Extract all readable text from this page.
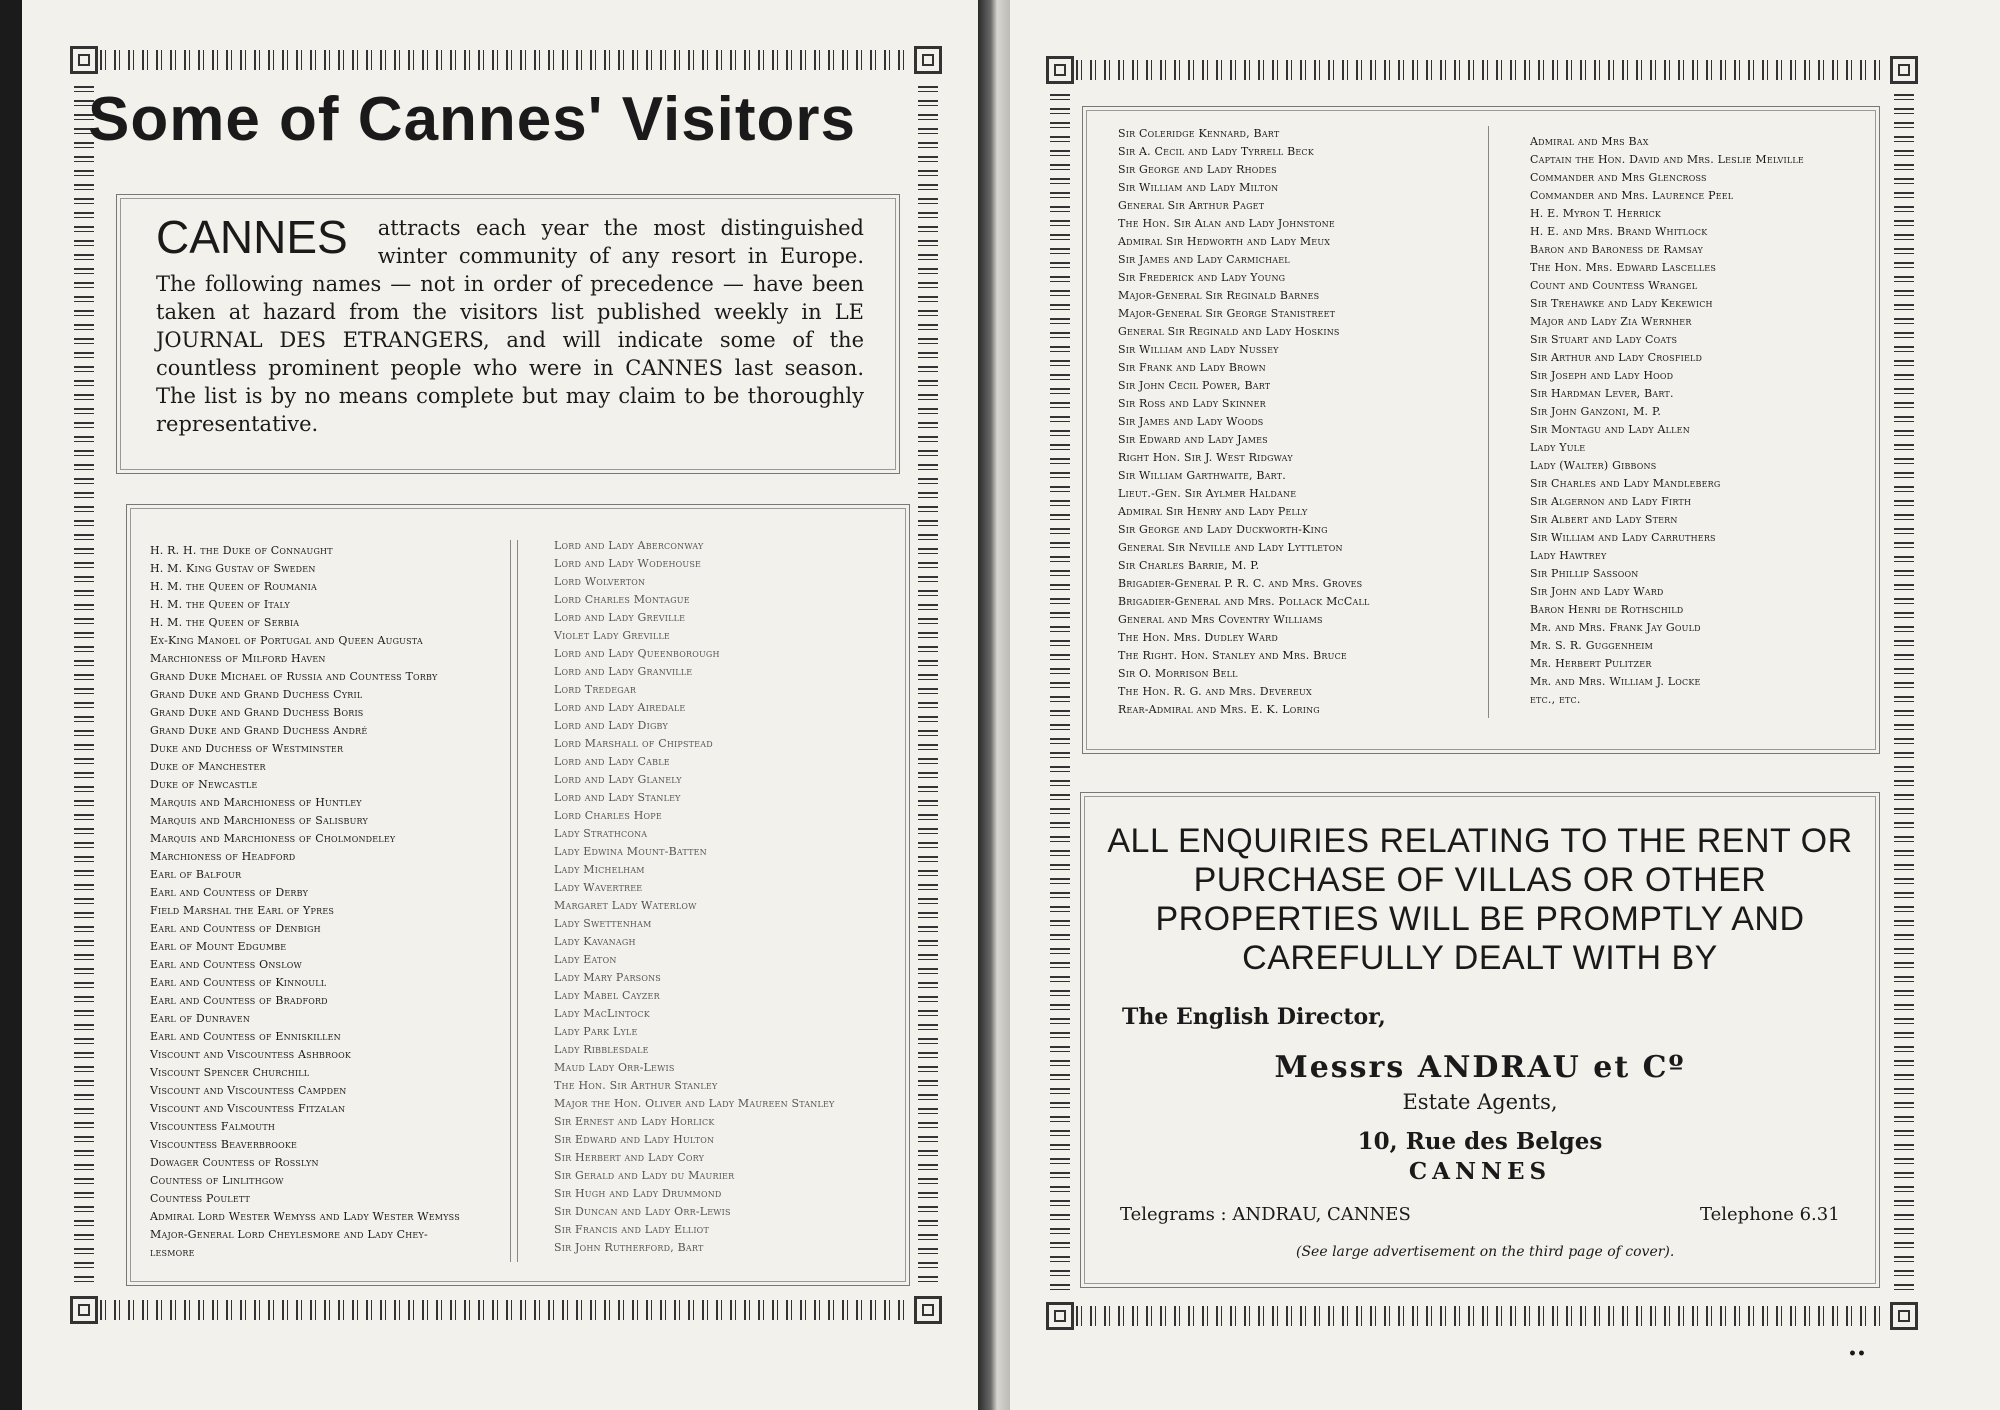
Some of Cannes' Visitors
CANNES attracts each year the most distinguished winter community of any resort in Europe. The following names — not in order of precedence — have been taken at hazard from the visitors list published weekly in LE JOURNAL DES ETRANGERS, and will indicate some of the countless prominent people who were in CANNES last season. The list is by no means complete but may claim to be thoroughly representative.
H. R. H. the Duke of Connaught
H. M. King Gustav of Sweden
H. M. the Queen of Roumania
H. M. the Queen of Italy
H. M. the Queen of Serbia
Ex-King Manoel of Portugal and Queen Augusta
Marchioness of Milford Haven
Grand Duke Michael of Russia and Countess Torby
Grand Duke and Grand Duchess Cyril
Grand Duke and Grand Duchess Boris
Grand Duke and Grand Duchess André
Duke and Duchess of Westminster
Duke of Manchester
Duke of Newcastle
Marquis and Marchioness of Huntley
Marquis and Marchioness of Salisbury
Marquis and Marchioness of Cholmondeley
Marchioness of Headford
Earl of Balfour
Earl and Countess of Derby
Field Marshal the Earl of Ypres
Earl and Countess of Denbigh
Earl of Mount Edgumbe
Earl and Countess Onslow
Earl and Countess of Kinnoull
Earl and Countess of Bradford
Earl of Dunraven
Earl and Countess of Enniskillen
Viscount and Viscountess Ashbrook
Viscount Spencer Churchill
Viscount and Viscountess Campden
Viscount and Viscountess Fitzalan
Viscountess Falmouth
Viscountess Beaverbrooke
Dowager Countess of Rosslyn
Countess of Linlithgow
Countess Poulett
Admiral Lord Wester Wemyss and Lady Wester Wemyss
Major-General Lord Cheylesmore and Lady Chey-
lesmore
Lord and Lady Aberconway
Lord and Lady Wodehouse
Lord Wolverton
Lord Charles Montague
Lord and Lady Greville
Violet Lady Greville
Lord and Lady Queenborough
Lord and Lady Granville
Lord Tredegar
Lord and Lady Airedale
Lord and Lady Digby
Lord Marshall of Chipstead
Lord and Lady Cable
Lord and Lady Glanely
Lord and Lady Stanley
Lord Charles Hope
Lady Strathcona
Lady Edwina Mount-Batten
Lady Michelham
Lady Wavertree
Margaret Lady Waterlow
Lady Swettenham
Lady Kavanagh
Lady Eaton
Lady Mary Parsons
Lady Mabel Cayzer
Lady MacLintock
Lady Park Lyle
Lady Ribblesdale
Maud Lady Orr-Lewis
The Hon. Sir Arthur Stanley
Major the Hon. Oliver and Lady Maureen Stanley
Sir Ernest and Lady Horlick
Sir Edward and Lady Hulton
Sir Herbert and Lady Cory
Sir Gerald and Lady du Maurier
Sir Hugh and Lady Drummond
Sir Duncan and Lady Orr-Lewis
Sir Francis and Lady Elliot
Sir John Rutherford, Bart
Sir Coleridge Kennard, Bart
Sir A. Cecil and Lady Tyrrell Beck
Sir George and Lady Rhodes
Sir William and Lady Milton
General Sir Arthur Paget
The Hon. Sir Alan and Lady Johnstone
Admiral Sir Hedworth and Lady Meux
Sir James and Lady Carmichael
Sir Frederick and Lady Young
Major-General Sir Reginald Barnes
Major-General Sir George Stanistreet
General Sir Reginald and Lady Hoskins
Sir William and Lady Nussey
Sir Frank and Lady Brown
Sir John Cecil Power, Bart
Sir Ross and Lady Skinner
Sir James and Lady Woods
Sir Edward and Lady James
Right Hon. Sir J. West Ridgway
Sir William Garthwaite, Bart.
Lieut.-Gen. Sir Aylmer Haldane
Admiral Sir Henry and Lady Pelly
Sir George and Lady Duckworth-King
General Sir Neville and Lady Lyttleton
Sir Charles Barrie, M. P.
Brigadier-General P. R. C. and Mrs. Groves
Brigadier-General and Mrs. Pollack McCall
General and Mrs Coventry Williams
The Hon. Mrs. Dudley Ward
The Right. Hon. Stanley and Mrs. Bruce
Sir O. Morrison Bell
The Hon. R. G. and Mrs. Devereux
Rear-Admiral and Mrs. E. K. Loring
Admiral and Mrs Bax
Captain the Hon. David and Mrs. Leslie Melville
Commander and Mrs Glencross
Commander and Mrs. Laurence Peel
H. E. Myron T. Herrick
H. E. and Mrs. Brand Whitlock
Baron and Baroness de Ramsay
The Hon. Mrs. Edward Lascelles
Count and Countess Wrangel
Sir Trehawke and Lady Kekewich
Major and Lady Zia Wernher
Sir Stuart and Lady Coats
Sir Arthur and Lady Crosfield
Sir Joseph and Lady Hood
Sir Hardman Lever, Bart.
Sir John Ganzoni, M. P.
Sir Montagu and Lady Allen
Lady Yule
Lady (Walter) Gibbons
Sir Charles and Lady Mandleberg
Sir Algernon and Lady Firth
Sir Albert and Lady Stern
Sir William and Lady Carruthers
Lady Hawtrey
Sir Phillip Sassoon
Sir John and Lady Ward
Baron Henri de Rothschild
Mr. and Mrs. Frank Jay Gould
Mr. S. R. Guggenheim
Mr. Herbert Pulitzer
Mr. and Mrs. William J. Locke
etc., etc.
ALL ENQUIRIES RELATING TO THE RENT OR PURCHASE OF VILLAS OR OTHER PROPERTIES WILL BE PROMPTLY AND CAREFULLY DEALT WITH BY
The English Director,
Messrs ANDRAU et Cº
Estate Agents,
10, Rue des Belges
CANNES
Telegrams : ANDRAU, CANNES	Telephone 6.31
(See large advertisement on the third page of cover).
••
